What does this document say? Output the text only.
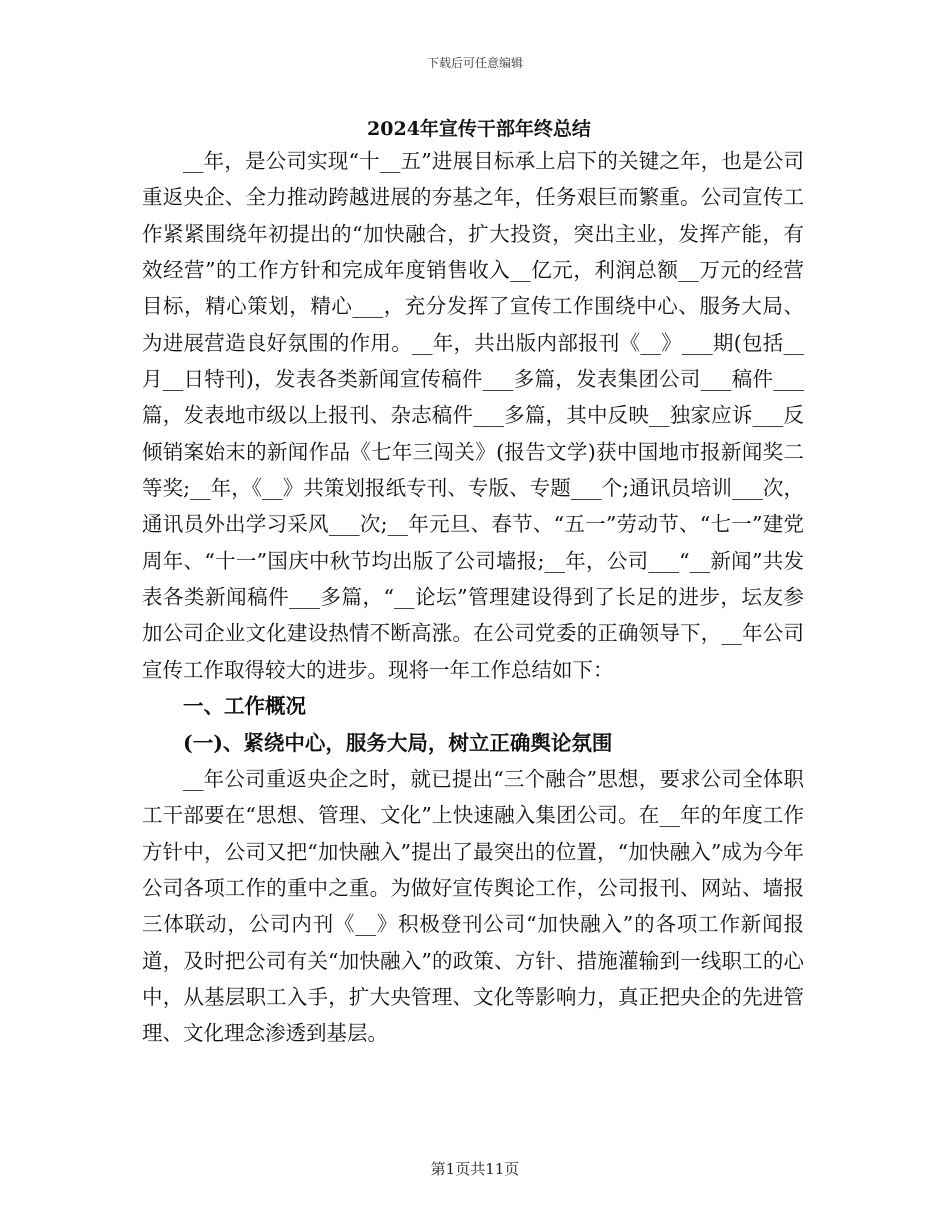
下载后可任意编辑
2024年宣传干部年终总结

__年，是公司实现“十__五”进展目标承上启下的关键之年，也是公司重返央企、全力推动跨越进展的夯基之年，任务艰巨而繁重。公司宣传工作紧紧围绕年初提出的“加快融合，扩大投资，突出主业，发挥产能，有效经营”的工作方针和完成年度销售收入__亿元，利润总额__万元的经营目标，精心策划，精心___，充分发挥了宣传工作围绕中心、服务大局、为进展营造良好氛围的作用。__年，共出版内部报刊《__》___期(包括__月__日特刊)，发表各类新闻宣传稿件___多篇，发表集团公司___稿件___篇，发表地市级以上报刊、杂志稿件___多篇，其中反映__独家应诉___反倾销案始末的新闻作品《七年三闯关》(报告文学)获中国地市报新闻奖二等奖;__年，《__》共策划报纸专刊、专版、专题___个;通讯员培训___次，通讯员外出学习采风___次;__年元旦、春节、“五一”劳动节、“七一”建党周年、“十一”国庆中秋节均出版了公司墙报;__年，公司___“__新闻”共发表各类新闻稿件___多篇，“__论坛”管理建设得到了长足的进步，坛友参加公司企业文化建设热情不断高涨。在公司党委的正确领导下，__年公司宣传工作取得较大的进步。现将一年工作总结如下：

一、工作概况
(一)、紧绕中心，服务大局，树立正确舆论氛围

__年公司重返央企之时，就已提出“三个融合”思想，要求公司全体职工干部要在“思想、管理、文化”上快速融入集团公司。在__年的年度工作方针中，公司又把“加快融入”提出了最突出的位置，“加快融入”成为今年公司各项工作的重中之重。为做好宣传舆论工作，公司报刊、网站、墙报三体联动，公司内刊《__》积极登刊公司“加快融入”的各项工作新闻报道，及时把公司有关“加快融入”的政策、方针、措施灌输到一线职工的心中，从基层职工入手，扩大央管理、文化等影响力，真正把央企的先进管理、文化理念渗透到基层。

第1页共11页
